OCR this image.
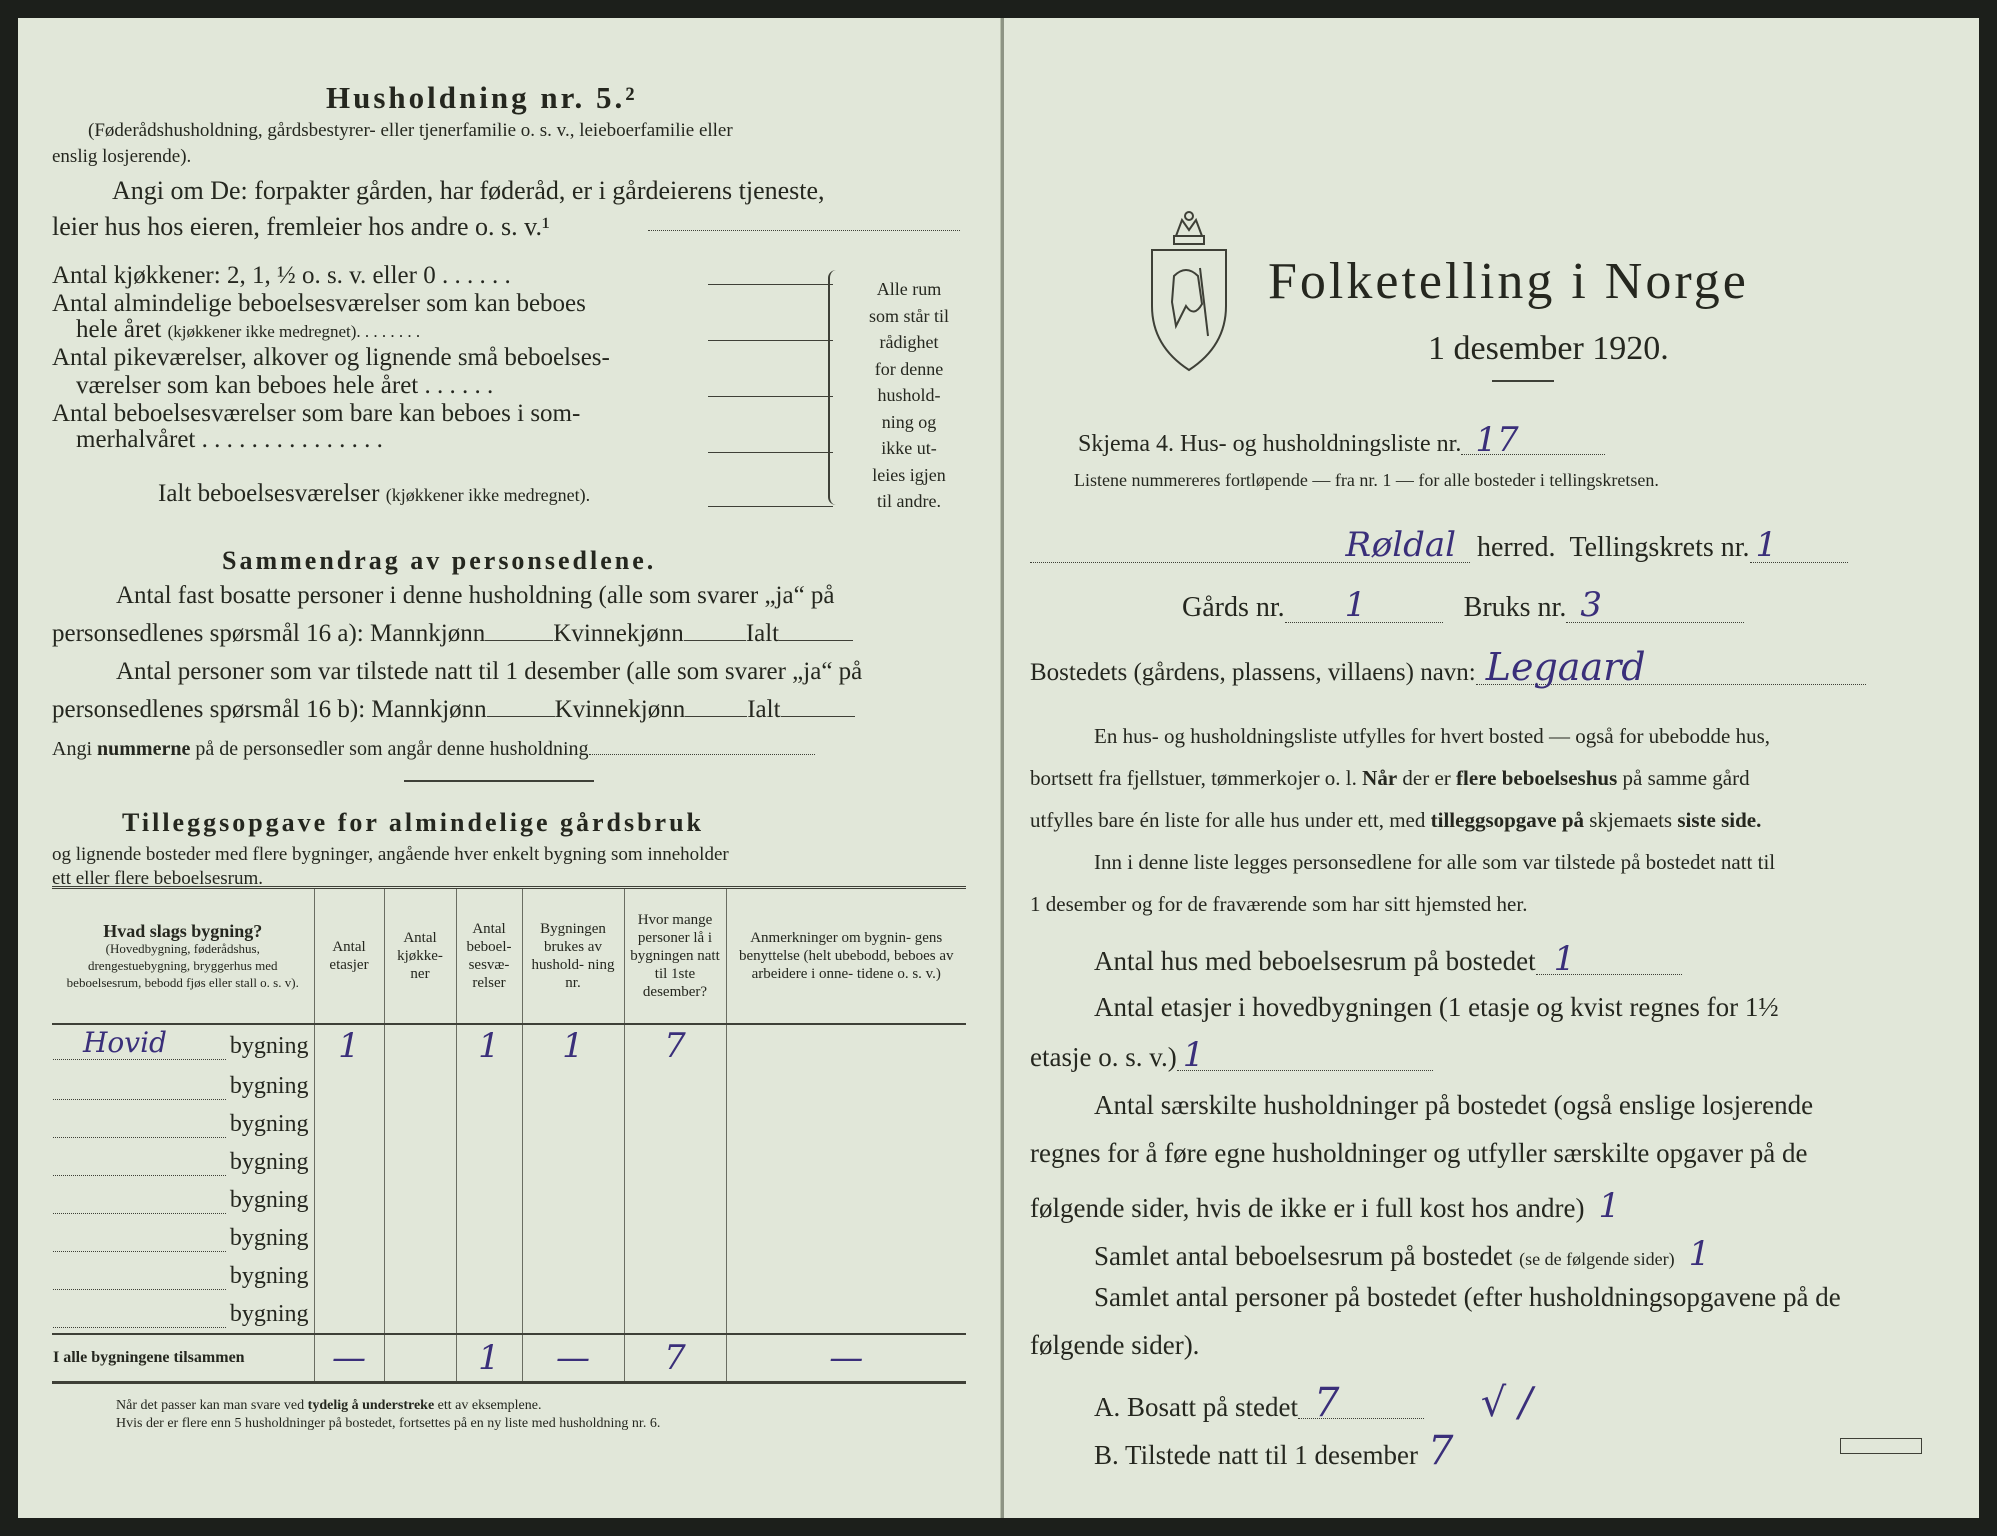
Husholdning nr. 5.²
(Føderådshusholdning, gårdsbestyrer- eller tjenerfamilie o. s. v., leieboerfamilie eller
enslig losjerende).
Angi om De: forpakter gården, har føderåd, er i gårdeierens tjeneste,
leier hus hos eieren, fremleier hos andre o. s. v.¹
Antal kjøkkener: 2, 1, ½ o. s. v. eller 0 . . . . . .
Antal almindelige beboelsesværelser som kan beboes
hele året (kjøkkener ikke medregnet). . . . . . . .
Antal pikeværelser, alkover og lignende små beboelses-
værelser som kan beboes hele året . . . . . .
Antal beboelsesværelser som bare kan beboes i som-
merhalvåret . . . . . . . . . . . . . . .
Ialt beboelsesværelser (kjøkkener ikke medregnet).
Alle rum
som står til
rådighet
for denne
hushold-
ning og
ikke ut-
leies igjen
til andre.
Sammendrag av personsedlene.
Antal fast bosatte personer i denne husholdning (alle som svarer „ja“ på
personsedlenes spørsmål 16 a): Mannkjønn	Kvinnekjønn Ialt
Antal personer som var tilstede natt til 1 desember (alle som svarer „ja“ på
personsedlenes spørsmål 16 b): Mannkjønn	Kvinnekjønn Ialt
Angi nummerne på de personsedler som angår denne husholdning
Tilleggsopgave for almindelige gårdsbruk
og lignende bosteder med flere bygninger, angående hver enkelt bygning som inneholder
ett eller flere beboelsesrum.
Hvad slags bygning?
(Hovedbygning, føderådshus, drengestuebygning, bryggerhus med beboelsesrum, bebodd fjøs eller stall o. s. v).	Antal etasjer	Antal kjøkke- ner	Antal beboel- sesvæ- relser	Bygningen brukes av hushold- ning nr.	Hvor mange personer lå i bygningen natt til 1ste desember?	Anmerkninger om bygnin- gens benyttelse (helt ubebodd, beboes av arbeidere i onne- tidene o. s. v.)

Hovid bygning	1		1	1	7	

bygning						

bygning						

bygning						

bygning						

bygning						

bygning						

bygning						

I alle bygningene tilsammen	—		1	—	7	—
Når det passer kan man svare ved tydelig å understreke ett av eksemplene.
Hvis der er flere enn 5 husholdninger på bostedet, fortsettes på en ny liste med husholdning nr. 6.
Folketelling i Norge
1 desember 1920.
Skjema 4. Hus- og husholdningsliste nr. 17
Listene nummereres fortløpende — fra nr. 1 — for alle bosteder i tellingskretsen.
Røldal herred. Tellingskrets nr. 1
Gårds nr. 1	Bruks nr. 3
Bostedets (gårdens, plassens, villaens) navn: Legaard
En hus- og husholdningsliste utfylles for hvert bosted — også for ubebodde hus,
bortsett fra fjellstuer, tømmerkojer o. l. Når der er flere beboelseshus på samme gård
utfylles bare én liste for alle hus under ett, med tilleggsopgave på skjemaets siste side.
Inn i denne liste legges personsedlene for alle som var tilstede på bostedet natt til
1 desember og for de fraværende som har sitt hjemsted her.
Antal hus med beboelsesrum på bostedet 1
Antal etasjer i hovedbygningen (1 etasje og kvist regnes for 1½
etasje o. s. v.) 1
Antal særskilte husholdninger på bostedet (også enslige losjerende
regnes for å føre egne husholdninger og utfyller særskilte opgaver på de
følgende sider, hvis de ikke er i full kost hos andre) 1
Samlet antal beboelsesrum på bostedet (se de følgende sider) 1
Samlet antal personer på bostedet (efter husholdningsopgavene på de
følgende sider).
A. Bosatt på stedet 7	√ /
B. Tilstede natt til 1 desember 7
